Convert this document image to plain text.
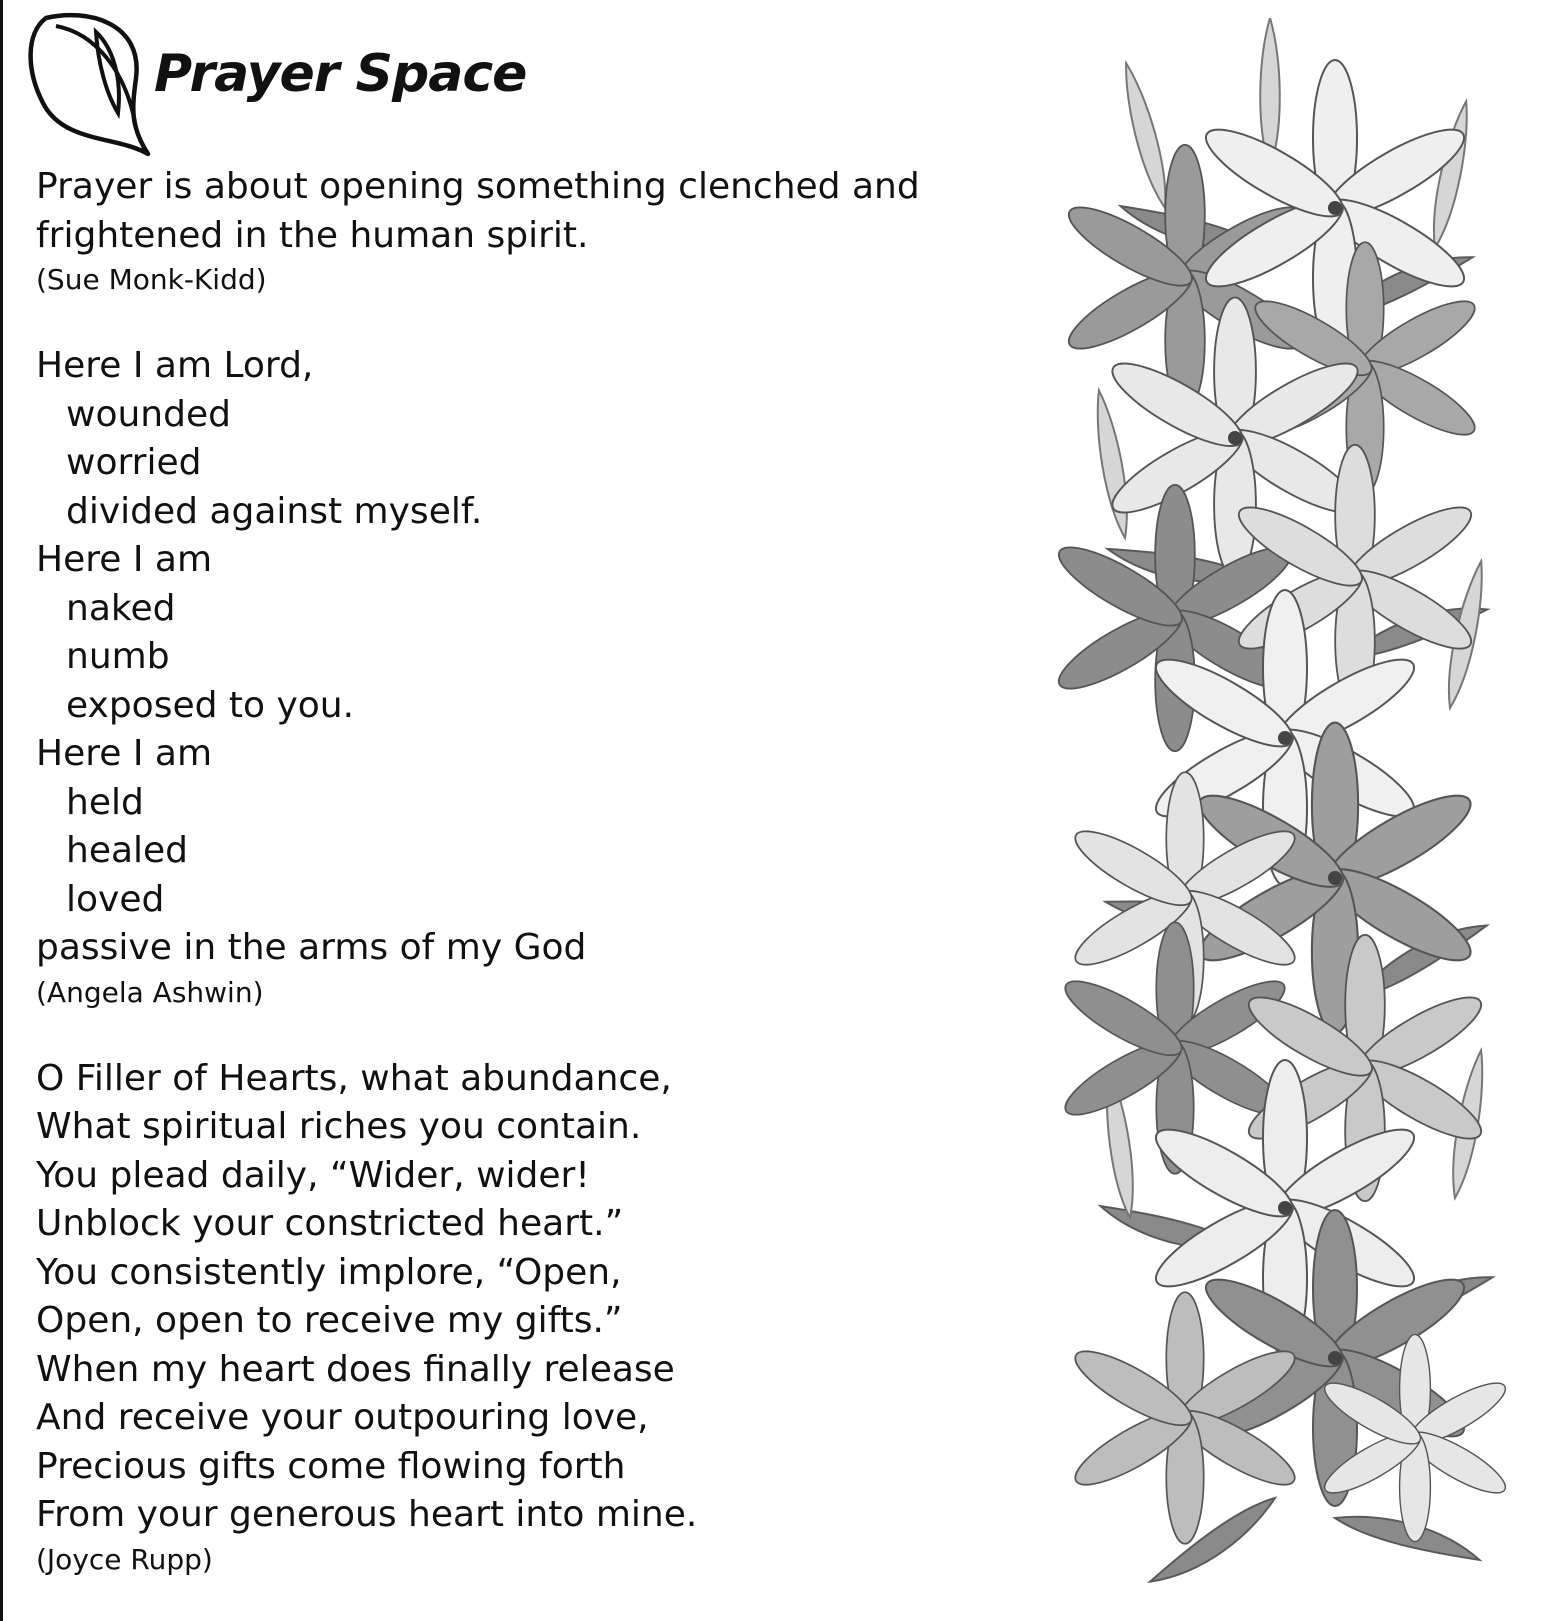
Prayer Space
Prayer is about opening something clenched and
frightened in the human spirit.
(Sue Monk-Kidd)
Here I am Lord,
wounded
worried
divided against myself.
Here I am
naked
numb
exposed to you.
Here I am
held
healed
loved
passive in the arms of my God
(Angela Ashwin)
O Filler of Hearts, what abundance,
What spiritual riches you contain.
You plead daily, “Wider, wider!
Unblock your constricted heart.”
You consistently implore, “Open,
Open, open to receive my gifts.”
When my heart does finally release
And receive your outpouring love,
Precious gifts come flowing forth
From your generous heart into mine.
(Joyce Rupp)
